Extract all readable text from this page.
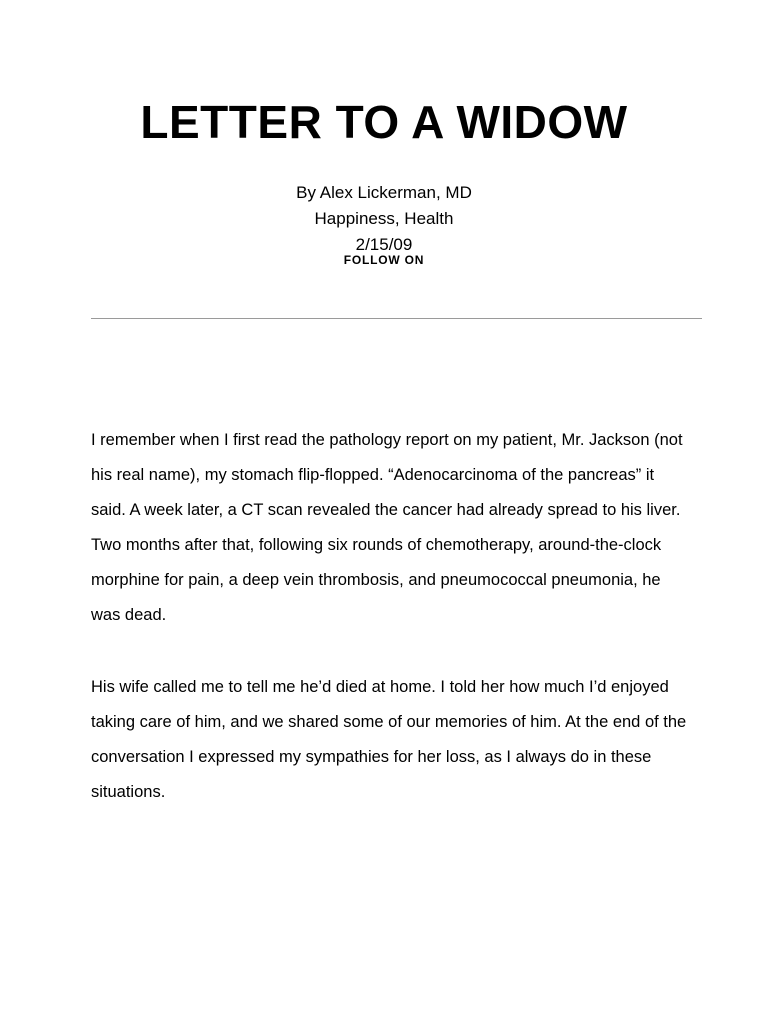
LETTER TO A WIDOW
By Alex Lickerman, MD
Happiness, Health
2/15/09
FOLLOW ON

I remember when I first read the pathology report on my patient, Mr. Jackson (not his real name), my stomach flip-flopped. “Adenocarcinoma of the pancreas” it said. A week later, a CT scan revealed the cancer had already spread to his liver. Two months after that, following six rounds of chemotherapy, around-the-clock morphine for pain, a deep vein thrombosis, and pneumococcal pneumonia, he was dead.

His wife called me to tell me he’d died at home. I told her how much I’d enjoyed taking care of him, and we shared some of our memories of him. At the end of the conversation I expressed my sympathies for her loss, as I always do in these situations.
